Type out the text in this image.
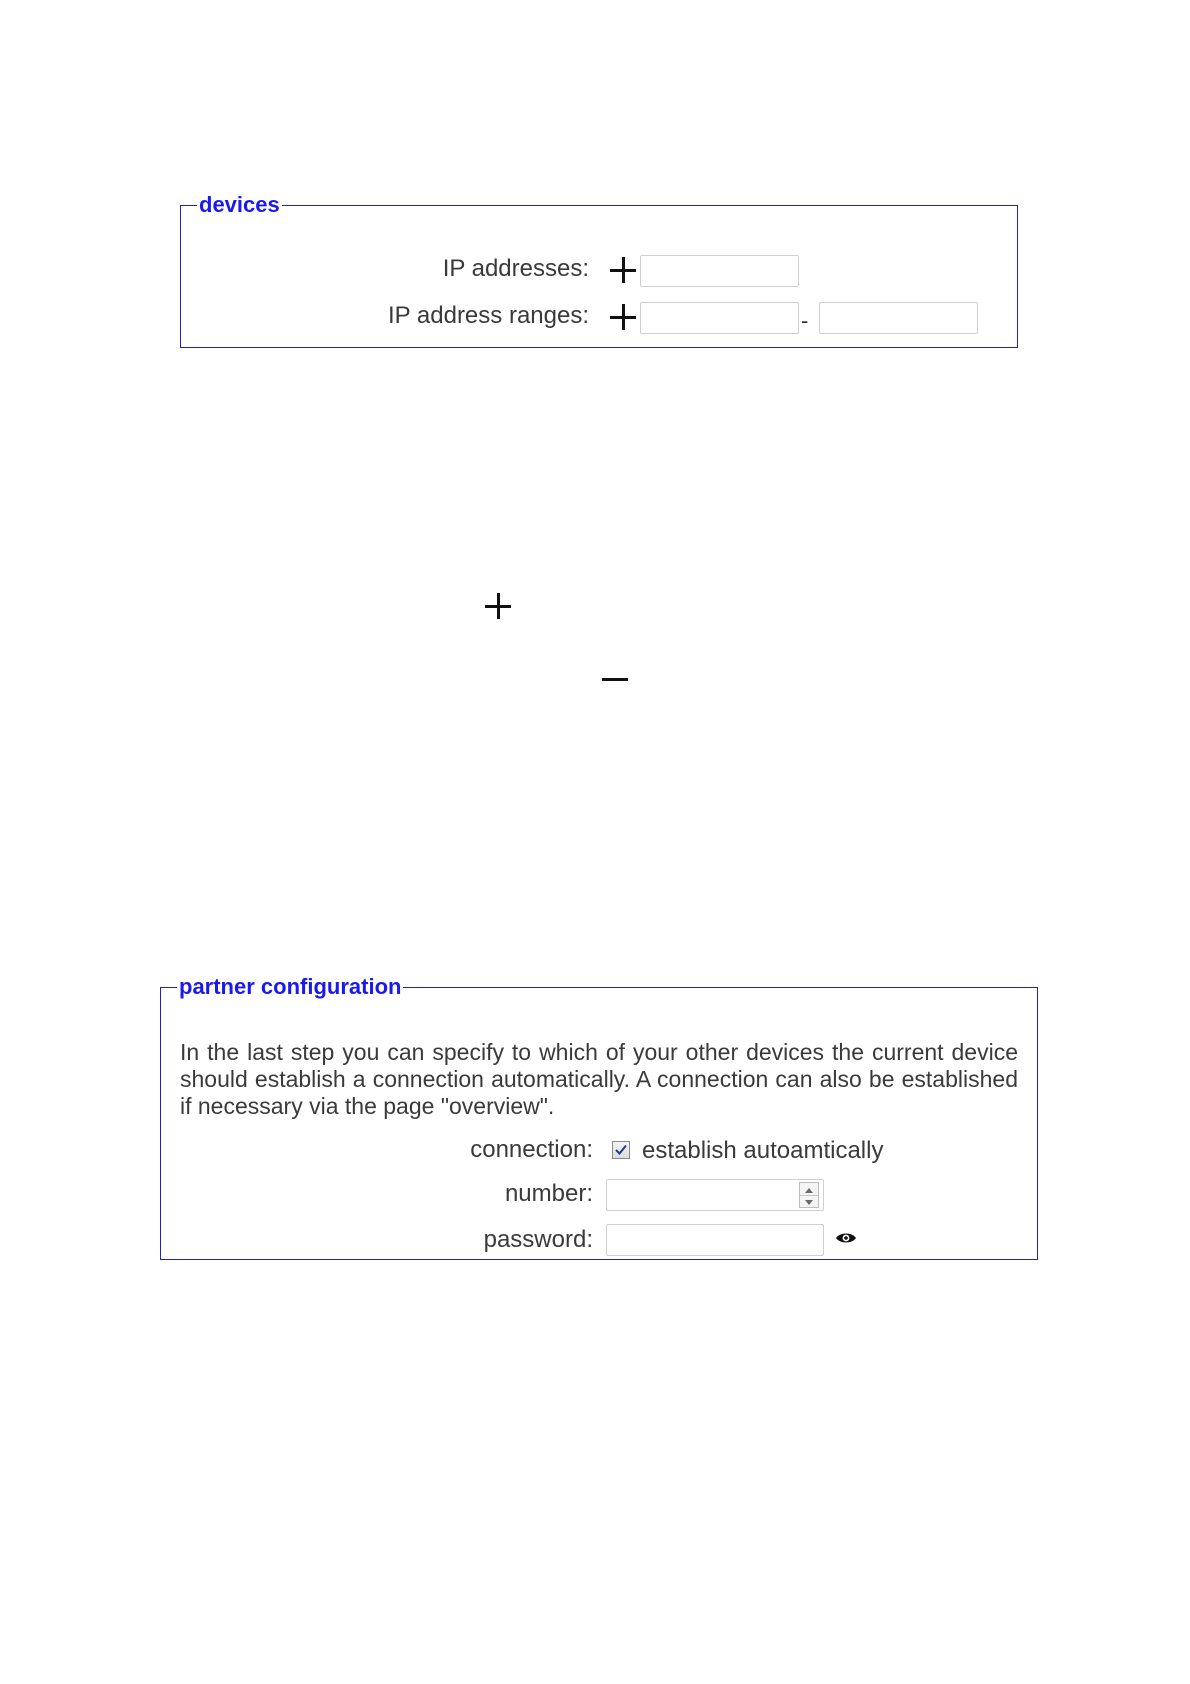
devices
IP addresses:
IP address ranges:	-
partner configuration
In the last step you can specify to which of your other devices the current device should establish a connection automatically. A connection can also be established if necessary via the page "overview".
connection: establish autoamtically
number:
password:
